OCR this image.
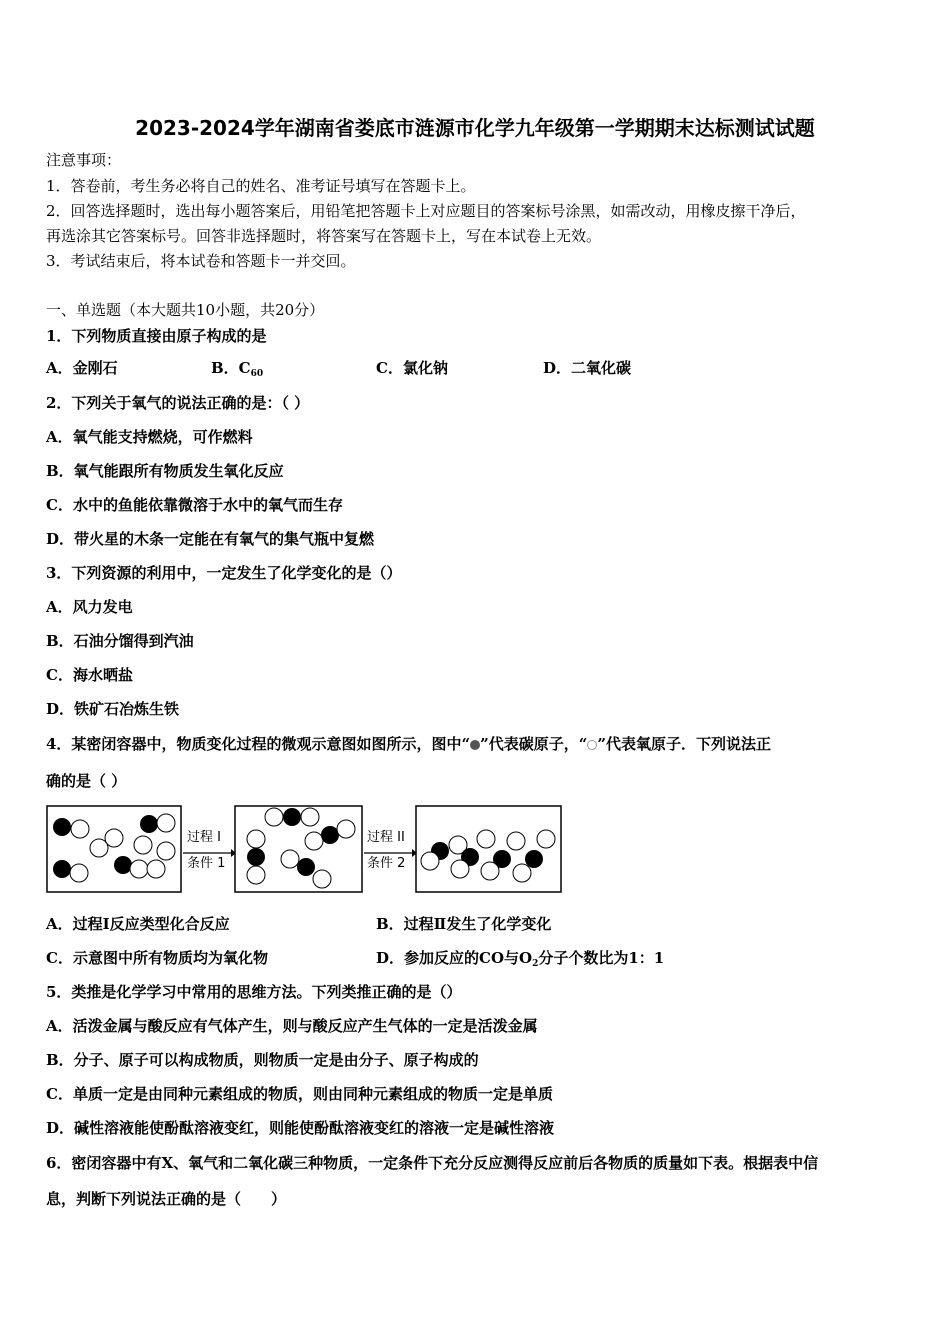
2023-2024学年湖南省娄底市涟源市化学九年级第一学期期末达标测试试题
注意事项：
1．答卷前，考生务必将自己的姓名、准考证号填写在答题卡上。
2．回答选择题时，选出每小题答案后，用铅笔把答题卡上对应题目的答案标号涂黑，如需改动，用橡皮擦干净后，
再选涂其它答案标号。回答非选择题时，将答案写在答题卡上，写在本试卷上无效。
3．考试结束后，将本试卷和答题卡一并交回。
一、单选题（本大题共10小题，共20分）
1．下列物质直接由原子构成的是
A．金刚石	B．$C_{60}$	C．氯化钠	D．二氧化碳
2．下列关于氧气的说法正确的是：（ ）
A．氧气能支持燃烧，可作燃料
B．氧气能跟所有物质发生氧化反应
C．水中的鱼能依靠微溶于水中的氧气而生存
D．带火星的木条一定能在有氧气的集气瓶中复燃
3．下列资源的利用中，一定发生了化学变化的是（）
A．风力发电
B．石油分馏得到汽油
C．海水晒盐
D．铁矿石冶炼生铁
4．某密闭容器中，物质变化过程的微观示意图如图所示，图中“ ”代表碳原子，“ ”代表氧原子．下列说法正
确的是（ ）
过程 I
条件 1
过程 II
条件 2
A．过程Ⅰ反应类型化合反应	B．过程Ⅱ发生了化学变化
C．示意图中所有物质均为氧化物	D．参加反应的CO与$O_2$分子个数比为1：1
5．类推是化学学习中常用的思维方法。下列类推正确的是（）
A．活泼金属与酸反应有气体产生，则与酸反应产生气体的一定是活泼金属
B．分子、原子可以构成物质，则物质一定是由分子、原子构成的
C．单质一定是由同种元素组成的物质，则由同种元素组成的物质一定是单质
D．碱性溶液能使酚酞溶液变红，则能使酚酞溶液变红的溶液一定是碱性溶液
6．密闭容器中有X、氧气和二氧化碳三种物质，一定条件下充分反应测得反应前后各物质的质量如下表。根据表中信
息，判断下列说法正确的是（　　）
